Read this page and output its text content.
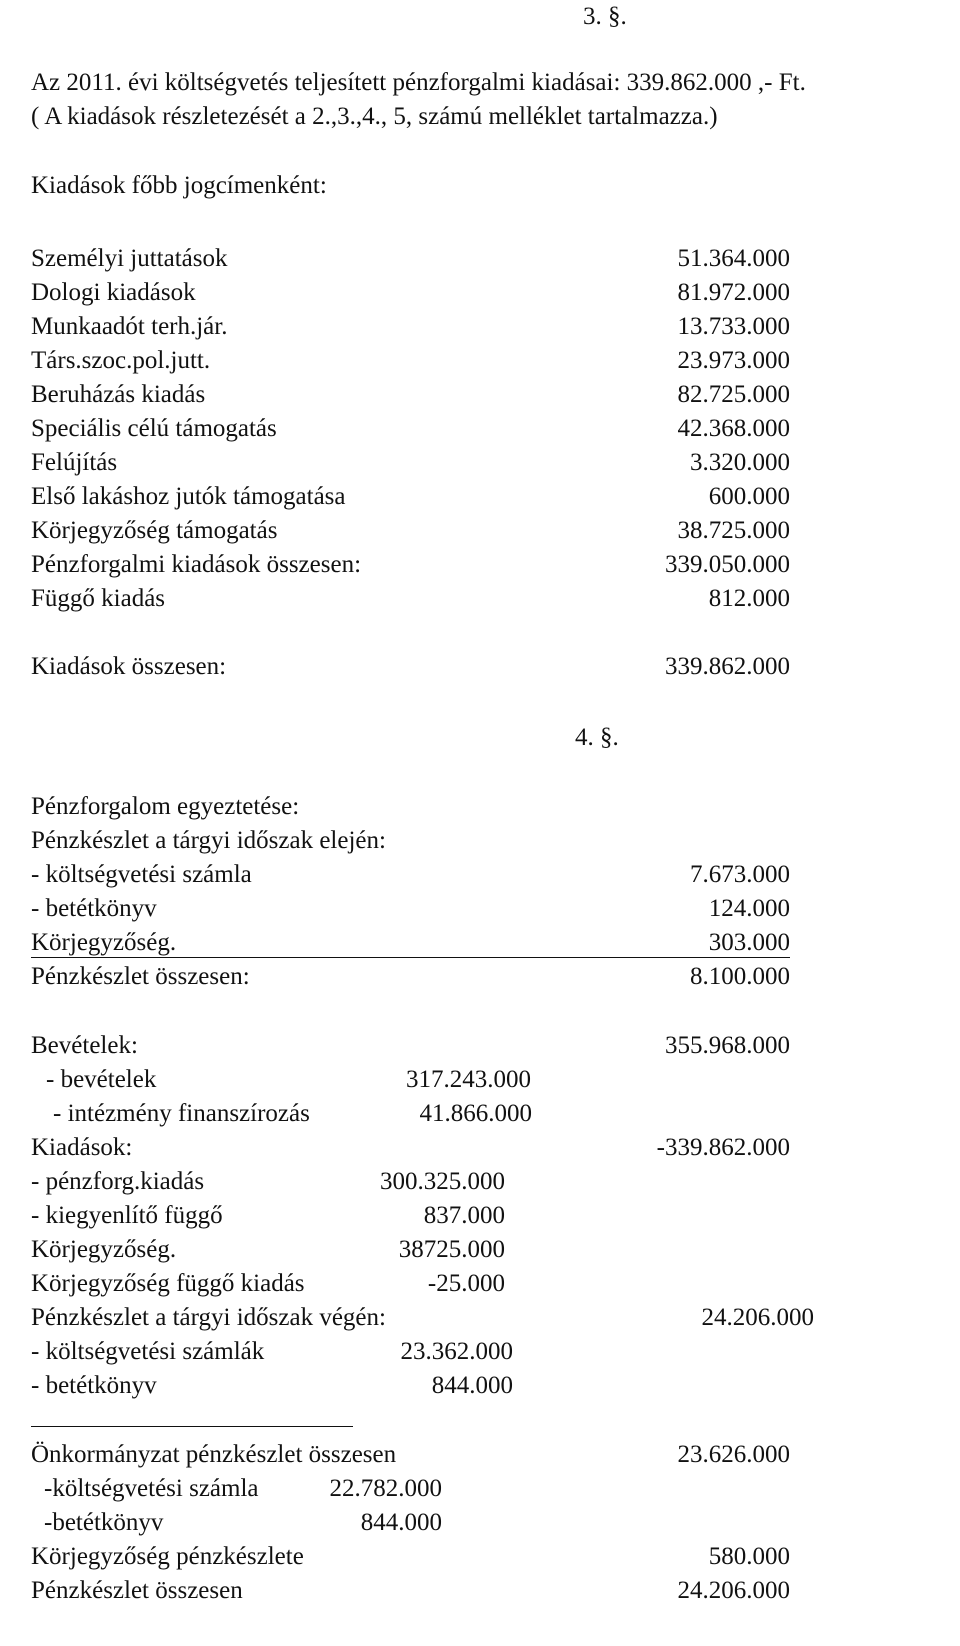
3. §.
Az 2011. évi költségvetés teljesített pénzforgalmi kiadásai: 339.862.000 ,- Ft.
( A kiadások részletezését a 2.,3.,4., 5, számú melléklet tartalmazza.)
Kiadások főbb jogcímenként:
Személyi juttatások	51.364.000
Dologi kiadások	81.972.000
Munkaadót terh.jár.	13.733.000
Társ.szoc.pol.jutt.	23.973.000
Beruházás kiadás	82.725.000
Speciális célú támogatás	42.368.000
Felújítás	3.320.000
Első lakáshoz jutók támogatása	600.000
Körjegyzőség támogatás	38.725.000
Pénzforgalmi kiadások összesen:	339.050.000
Függő kiadás	812.000
Kiadások összesen:	339.862.000
4. §.
Pénzforgalom egyeztetése:
Pénzkészlet a tárgyi időszak elején:
- költségvetési számla	7.673.000
- betétkönyv	124.000
Körjegyzőség.	303.000
Pénzkészlet összesen:	8.100.000
Bevételek:	355.968.000
- bevételek	317.243.000
- intézmény finanszírozás	41.866.000
Kiadások:	-339.862.000
- pénzforg.kiadás	300.325.000
- kiegyenlítő függő	837.000
Körjegyzőség.	38725.000
Körjegyzőség függő kiadás	-25.000
Pénzkészlet a tárgyi időszak végén:	24.206.000
- költségvetési számlák	23.362.000
- betétkönyv	844.000
Önkormányzat pénzkészlet összesen	23.626.000
-költségvetési számla	22.782.000
-betétkönyv	844.000
Körjegyzőség pénzkészlete	580.000
Pénzkészlet összesen	24.206.000
